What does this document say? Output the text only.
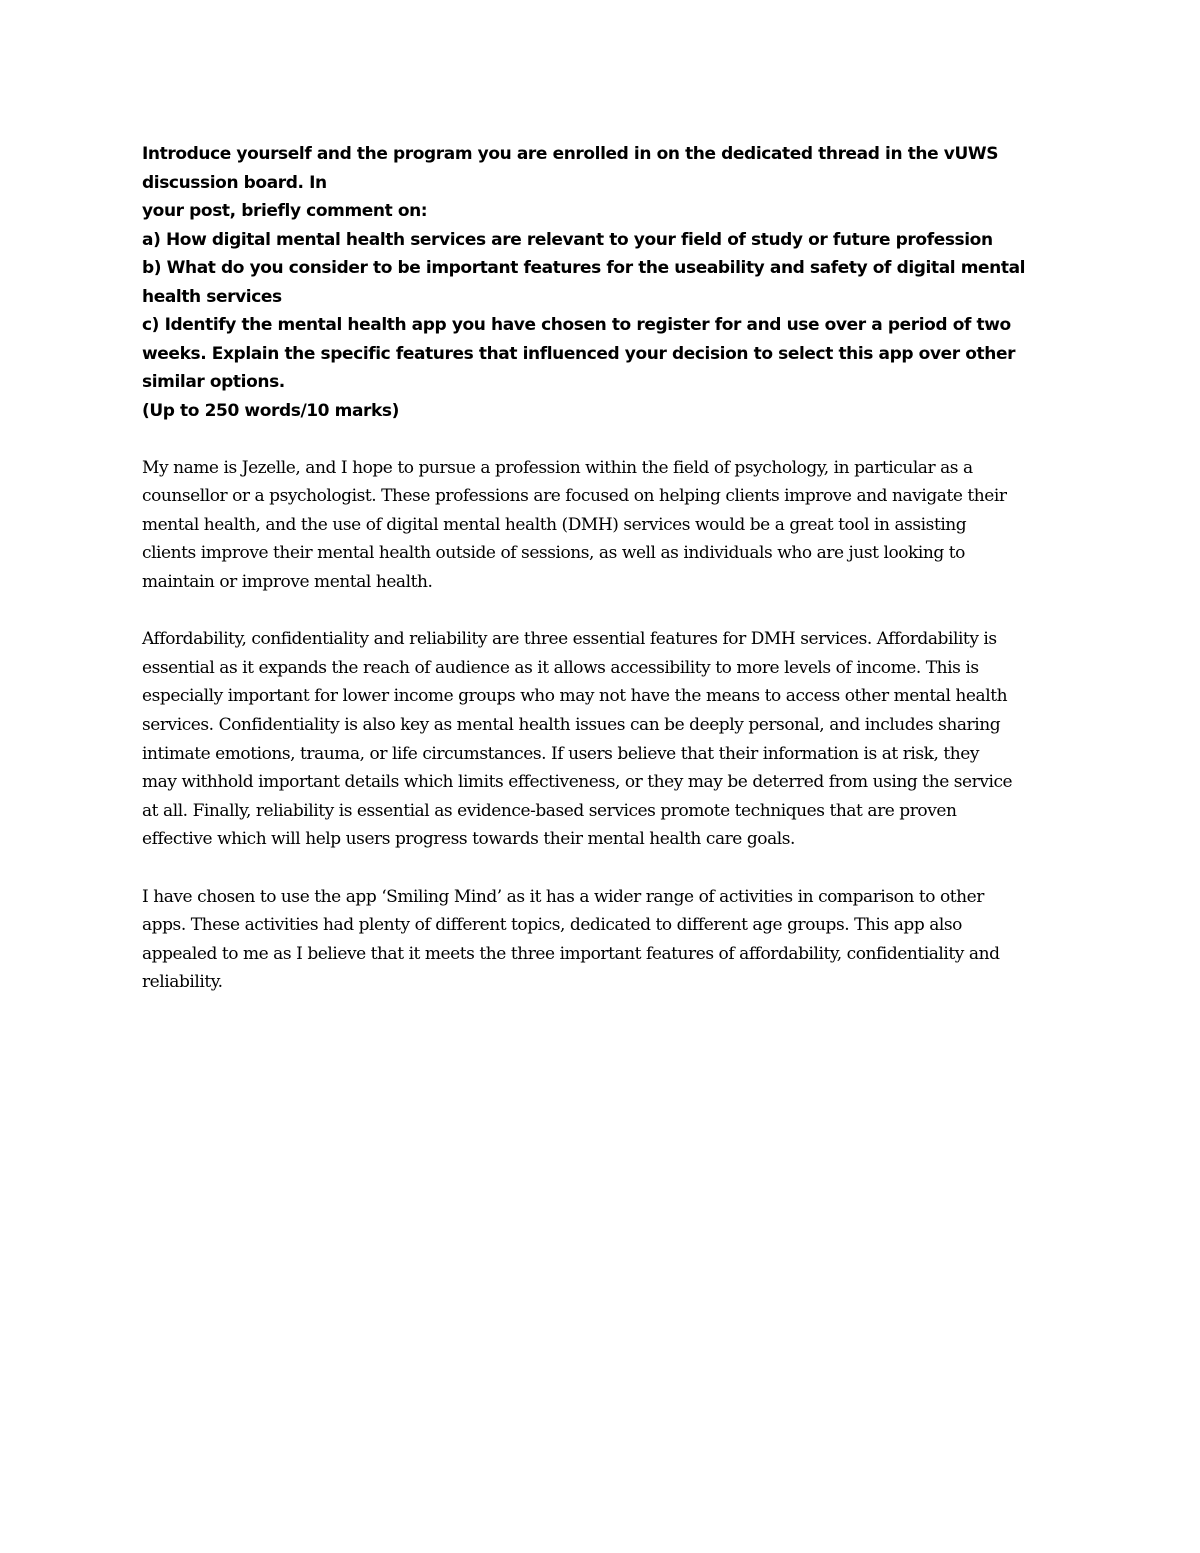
Introduce yourself and the program you are enrolled in on the dedicated thread in the vUWS
discussion board. In
your post, briefly comment on:
a) How digital mental health services are relevant to your field of study or future profession
b) What do you consider to be important features for the useability and safety of digital mental
health services
c) Identify the mental health app you have chosen to register for and use over a period of two
weeks. Explain the specific features that influenced your decision to select this app over other
similar options.
(Up to 250 words/10 marks)
My name is Jezelle, and I hope to pursue a profession within the field of psychology, in particular as a
counsellor or a psychologist. These professions are focused on helping clients improve and navigate their
mental health, and the use of digital mental health (DMH) services would be a great tool in assisting
clients improve their mental health outside of sessions, as well as individuals who are just looking to
maintain or improve mental health.
Affordability, confidentiality and reliability are three essential features for DMH services. Affordability is
essential as it expands the reach of audience as it allows accessibility to more levels of income. This is
especially important for lower income groups who may not have the means to access other mental health
services. Confidentiality is also key as mental health issues can be deeply personal, and includes sharing
intimate emotions, trauma, or life circumstances. If users believe that their information is at risk, they
may withhold important details which limits effectiveness, or they may be deterred from using the service
at all. Finally, reliability is essential as evidence-based services promote techniques that are proven
effective which will help users progress towards their mental health care goals.
I have chosen to use the app ‘Smiling Mind’ as it has a wider range of activities in comparison to other
apps. These activities had plenty of different topics, dedicated to different age groups. This app also
appealed to me as I believe that it meets the three important features of affordability, confidentiality and
reliability.
